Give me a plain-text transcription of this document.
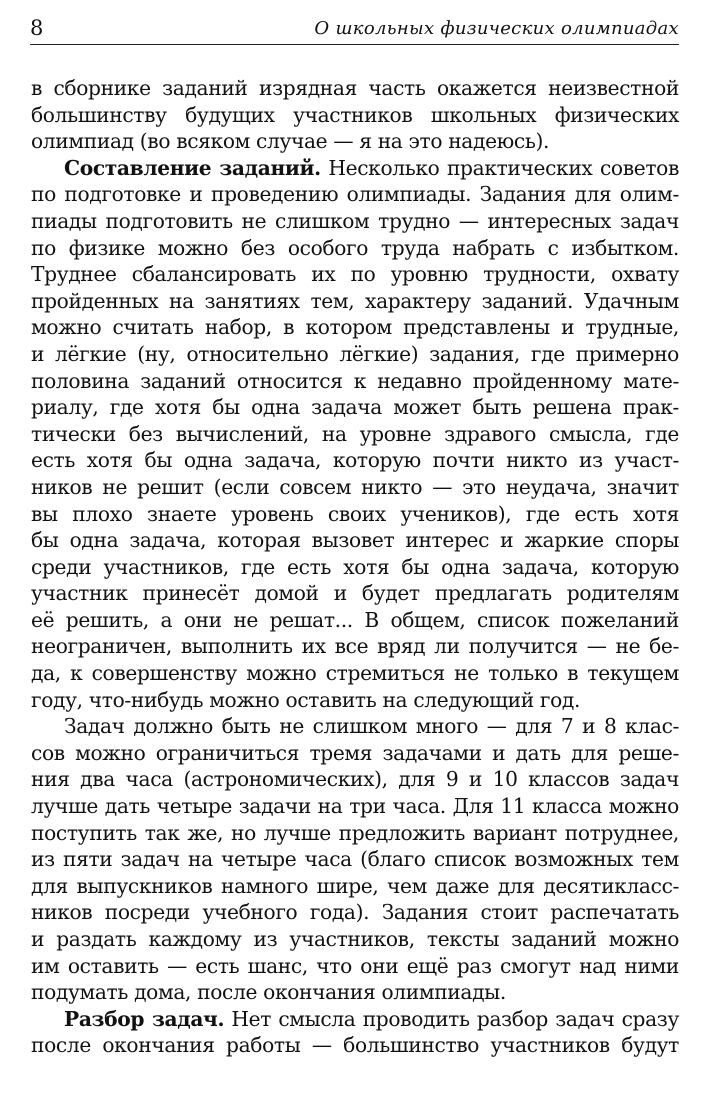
8	О школьных физических олимпиадах
в сборнике заданий изрядная часть окажется неизвестной
большинству будущих участников школьных физических
олимпиад (во всяком случае — я на это надеюсь).
Составление заданий. Несколько практических советов
по подготовке и проведению олимпиады. Задания для олим-
пиады подготовить не слишком трудно — интересных задач
по физике можно без особого труда набрать с избытком.
Труднее сбалансировать их по уровню трудности, охвату
пройденных на занятиях тем, характеру заданий. Удачным
можно считать набор, в котором представлены и трудные,
и лёгкие (ну, относительно лёгкие) задания, где примерно
половина заданий относится к недавно пройденному мате-
риалу, где хотя бы одна задача может быть решена прак-
тически без вычислений, на уровне здравого смысла, где
есть хотя бы одна задача, которую почти никто из участ-
ников не решит (если совсем никто — это неудача, значит
вы плохо знаете уровень своих учеников), где есть хотя
бы одна задача, которая вызовет интерес и жаркие споры
среди участников, где есть хотя бы одна задача, которую
участник принесёт домой и будет предлагать родителям
её решить, а они не решат... В общем, список пожеланий
неограничен, выполнить их все вряд ли получится — не бе-
да, к совершенству можно стремиться не только в текущем
году, что-нибудь можно оставить на следующий год.
Задач должно быть не слишком много — для 7 и 8 клас-
сов можно ограничиться тремя задачами и дать для реше-
ния два часа (астрономических), для 9 и 10 классов задач
лучше дать четыре задачи на три часа. Для 11 класса можно
поступить так же, но лучше предложить вариант потруднее,
из пяти задач на четыре часа (благо список возможных тем
для выпускников намного шире, чем даже для десятикласс-
ников посреди учебного года). Задания стоит распечатать
и раздать каждому из участников, тексты заданий можно
им оставить — есть шанс, что они ещё раз смогут над ними
подумать дома, после окончания олимпиады.
Разбор задач. Нет смысла проводить разбор задач сразу
после окончания работы — большинство участников будут
